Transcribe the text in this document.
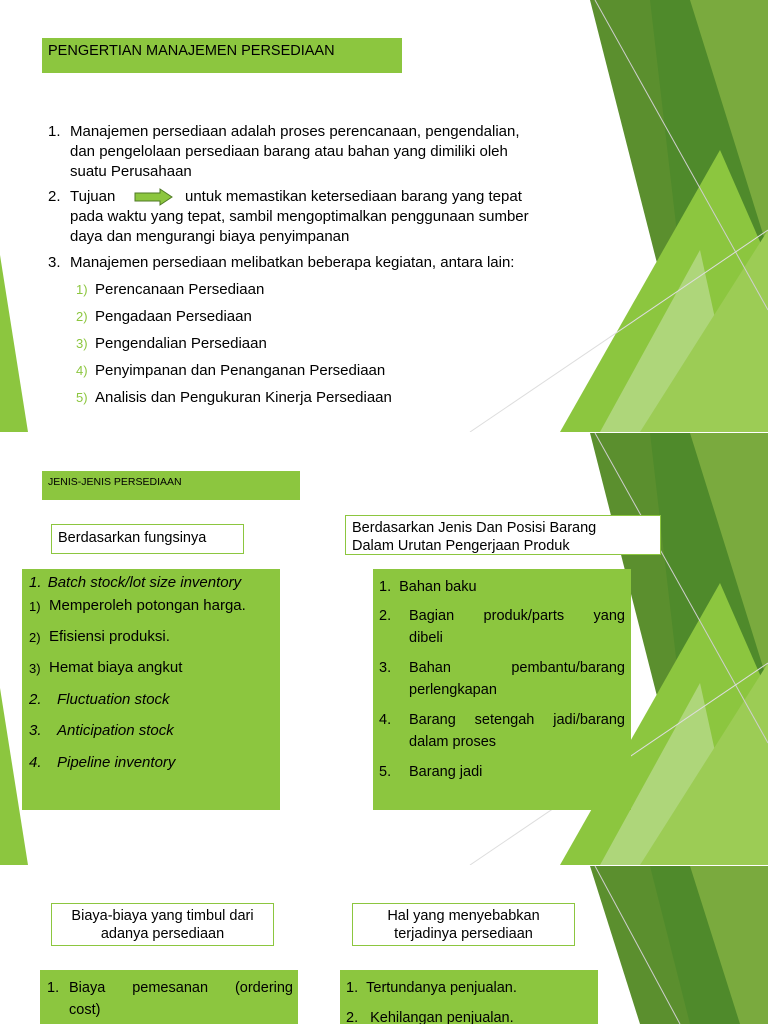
PENGERTIAN MANAJEMEN PERSEDIAAN
1. Manajemen persediaan adalah proses perencanaan, pengendalian,
dan pengelolaan persediaan barang atau bahan yang dimiliki oleh
suatu Perusahaan
2. Tujuan	untuk memastikan ketersediaan barang yang tepat
pada waktu yang tepat, sambil mengoptimalkan penggunaan sumber
daya dan mengurangi biaya penyimpanan
3. Manajemen persediaan melibatkan beberapa kegiatan, antara lain:
1) Perencanaan Persediaan
2) Pengadaan Persediaan
3) Pengendalian Persediaan
4) Penyimpanan dan Penanganan Persediaan
5) Analisis dan Pengukuran Kinerja Persediaan
JENIS-JENIS PERSEDIAAN
Berdasarkan fungsinya
Berdasarkan Jenis Dan Posisi Barang
Dalam Urutan Pengerjaan Produk
1. Batch stock/lot size inventory
1) Memperoleh potongan harga.
2) Efisiensi produksi.
3) Hemat biaya angkut
2. Fluctuation stock
3. Anticipation stock
4. Pipeline inventory
1. Bahan baku
2. Bagian produk/parts yang
dibeli
3. Bahan pembantu/barang
perlengkapan
4. Barang setengah jadi/barang
dalam proses
5. Barang jadi
Biaya-biaya yang timbul dari
adanya persediaan
Hal yang menyebabkan
terjadinya persediaan
1. Biaya pemesanan (ordering
cost)
1. Tertundanya penjualan.
2. Kehilangan penjualan.
